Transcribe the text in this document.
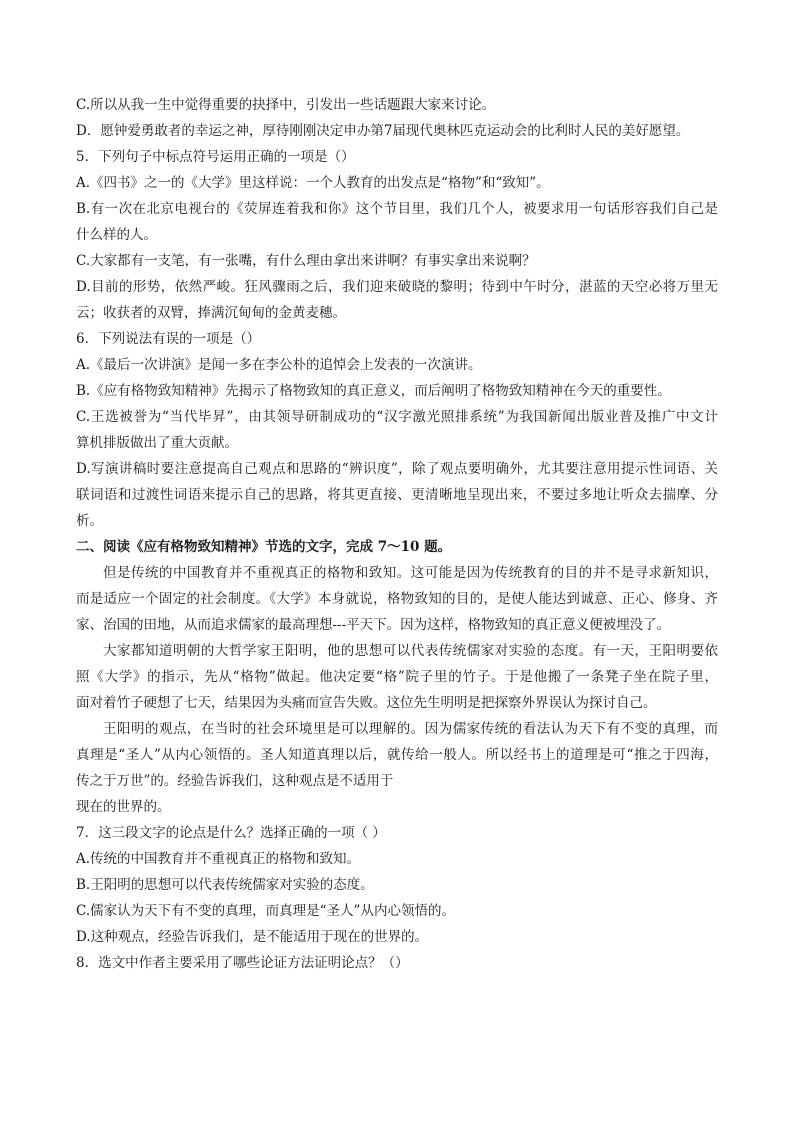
C.所以从我一生中觉得重要的抉择中，引发出一些话题跟大家来讨论。
D．愿钟爱勇敢者的幸运之神，厚待刚刚决定申办第7届现代奥林匹克运动会的比利时人民的美好愿望。
5．下列句子中标点符号运用正确的一项是（）
A.《四书》之一的《大学》里这样说：一个人教育的出发点是“格物”和“致知”。
B.有一次在北京电视台的《荧屏连着我和你》这个节目里，我们几个人，被要求用一句话形容我们自己是
什么样的人。
C.大家都有一支笔，有一张嘴，有什么理由拿出来讲啊？有事实拿出来说啊？
D.目前的形势，依然严峻。狂风骤雨之后，我们迎来破晓的黎明；待到中午时分，湛蓝的天空必将万里无
云；收获者的双臂，捧满沉甸甸的金黄麦穗。
6．下列说法有误的一项是（）
A.《最后一次讲演》是闻一多在李公朴的追悼会上发表的一次演讲。
B.《应有格物致知精神》先揭示了格物致知的真正意义，而后阐明了格物致知精神在今天的重要性。
C.王选被誉为“当代毕昇”，由其领导研制成功的“汉字激光照排系统”为我国新闻出版业普及推广中文计
算机排版做出了重大贡献。
D.写演讲稿时要注意提高自己观点和思路的“辨识度”，除了观点要明确外，尤其要注意用提示性词语、关
联词语和过渡性词语来提示自己的思路，将其更直接、更清晰地呈现出来，不要过多地让听众去揣摩、分
析。
二、阅读《应有格物致知精神》节选的文字，完成 7～10 题。
但是传统的中国教育并不重视真正的格物和致知。这可能是因为传统教育的目的并不是寻求新知识，
而是适应一个固定的社会制度。《大学》本身就说，格物致知的目的，是使人能达到诚意、正心、修身、齐
家、治国的田地，从而追求儒家的最高理想---平天下。因为这样，格物致知的真正意义便被埋没了。
大家都知道明朝的大哲学家王阳明，他的思想可以代表传统儒家对实验的态度。有一天，王阳明要依
照《大学》的指示，先从“格物”做起。他决定要“格”院子里的竹子。于是他搬了一条凳子坐在院子里，
面对着竹子硬想了七天，结果因为头痛而宣告失败。这位先生明明是把探察外界误认为探讨自己。
王阳明的观点，在当时的社会环境里是可以理解的。因为儒家传统的看法认为天下有不变的真理，而
真理是“圣人”从内心领悟的。圣人知道真理以后，就传给一般人。所以经书上的道理是可“推之于四海，
传之于万世”的。经验告诉我们，这种观点是不适用于
现在的世界的。
7．这三段文字的论点是什么？选择正确的一项（ ）
A.传统的中国教育并不重视真正的格物和致知。
B.王阳明的思想可以代表传统儒家对实验的态度。
C.儒家认为天下有不变的真理，而真理是“圣人”从内心领悟的。
D.这种观点，经验告诉我们，是不能适用于现在的世界的。
8．选文中作者主要采用了哪些论证方法证明论点？（）
